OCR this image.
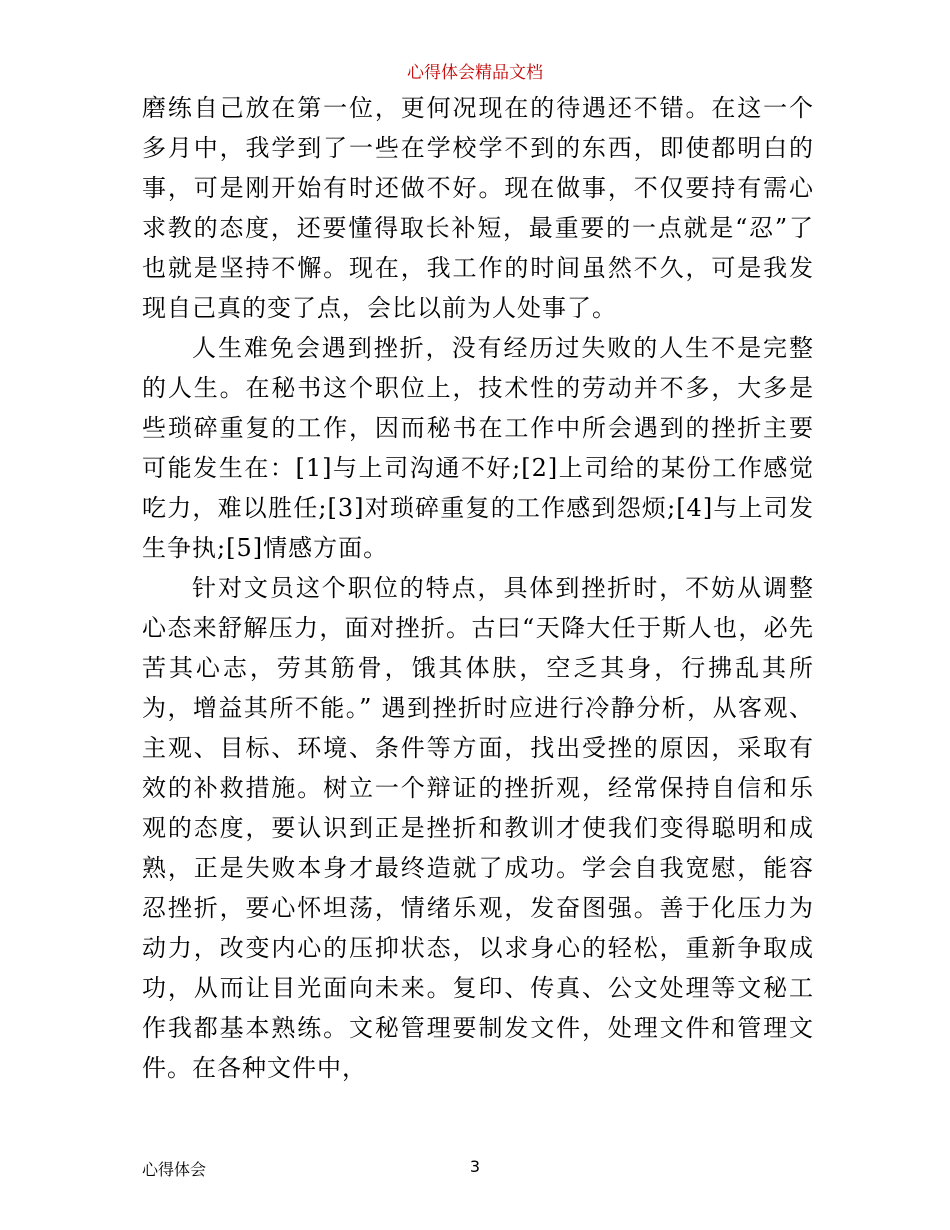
心得体会精品文档

磨练自己放在第一位，更何况现在的待遇还不错。在这一个多月中，我学到了一些在学校学不到的东西，即使都明白的事，可是刚开始有时还做不好。现在做事，不仅要持有需心求教的态度，还要懂得取长补短，最重要的一点就是“忍”了也就是坚持不懈。现在，我工作的时间虽然不久，可是我发现自己真的变了点，会比以前为人处事了。

人生难免会遇到挫折，没有经历过失败的人生不是完整的人生。在秘书这个职位上，技术性的劳动并不多，大多是些琐碎重复的工作，因而秘书在工作中所会遇到的挫折主要可能发生在：[1]与上司沟通不好;[2]上司给的某份工作感觉吃力，难以胜任;[3]对琐碎重复的工作感到怨烦;[4]与上司发生争执;[5]情感方面。

针对文员这个职位的特点，具体到挫折时，不妨从调整心态来舒解压力，面对挫折。古曰“天降大任于斯人也，必先苦其心志，劳其筋骨，饿其体肤，空乏其身，行拂乱其所为，增益其所不能。” 遇到挫折时应进行冷静分析，从客观、主观、目标、环境、条件等方面，找出受挫的原因，采取有效的补救措施。树立一个辩证的挫折观，经常保持自信和乐观的态度，要认识到正是挫折和教训才使我们变得聪明和成熟，正是失败本身才最终造就了成功。学会自我宽慰，能容忍挫折，要心怀坦荡，情绪乐观，发奋图强。善于化压力为动力，改变内心的压抑状态，以求身心的轻松，重新争取成功，从而让目光面向未来。复印、传真、公文处理等文秘工作我都基本熟练。文秘管理要制发文件，处理文件和管理文件。在各种文件中，

心得体会	3
